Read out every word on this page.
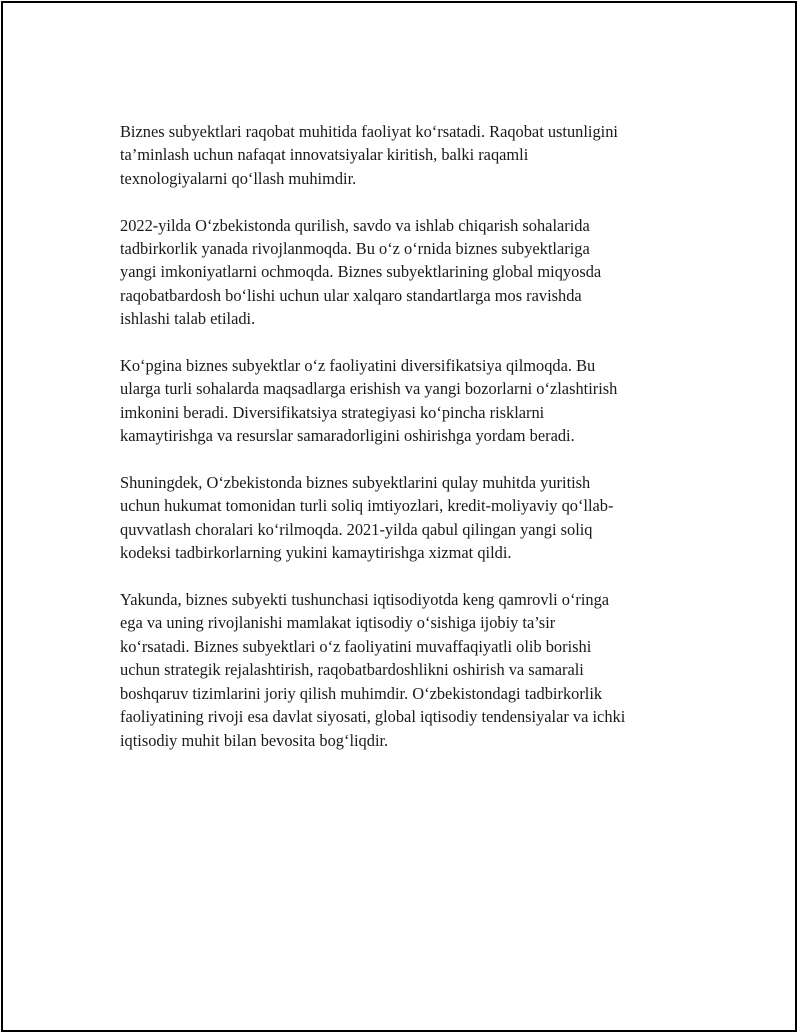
Biznes subyektlari raqobat muhitida faoliyat ko‘rsatadi. Raqobat ustunligini
ta’minlash uchun nafaqat innovatsiyalar kiritish, balki raqamli
texnologiyalarni qo‘llash muhimdir.

2022-yilda O‘zbekistonda qurilish, savdo va ishlab chiqarish sohalarida
tadbirkorlik yanada rivojlanmoqda. Bu o‘z o‘rnida biznes subyektlariga
yangi imkoniyatlarni ochmoqda. Biznes subyektlarining global miqyosda
raqobatbardosh bo‘lishi uchun ular xalqaro standartlarga mos ravishda
ishlashi talab etiladi.

Ko‘pgina biznes subyektlar o‘z faoliyatini diversifikatsiya qilmoqda. Bu
ularga turli sohalarda maqsadlarga erishish va yangi bozorlarni o‘zlashtirish
imkonini beradi. Diversifikatsiya strategiyasi ko‘pincha risklarni
kamaytirishga va resurslar samaradorligini oshirishga yordam beradi.

Shuningdek, O‘zbekistonda biznes subyektlarini qulay muhitda yuritish
uchun hukumat tomonidan turli soliq imtiyozlari, kredit-moliyaviy qo‘llab-
quvvatlash choralari ko‘rilmoqda. 2021-yilda qabul qilingan yangi soliq
kodeksi tadbirkorlarning yukini kamaytirishga xizmat qildi.

Yakunda, biznes subyekti tushunchasi iqtisodiyotda keng qamrovli o‘ringa
ega va uning rivojlanishi mamlakat iqtisodiy o‘sishiga ijobiy ta’sir
ko‘rsatadi. Biznes subyektlari o‘z faoliyatini muvaffaqiyatli olib borishi
uchun strategik rejalashtirish, raqobatbardoshlikni oshirish va samarali
boshqaruv tizimlarini joriy qilish muhimdir. O‘zbekistondagi tadbirkorlik
faoliyatining rivoji esa davlat siyosati, global iqtisodiy tendensiyalar va ichki
iqtisodiy muhit bilan bevosita bog‘liqdir.
